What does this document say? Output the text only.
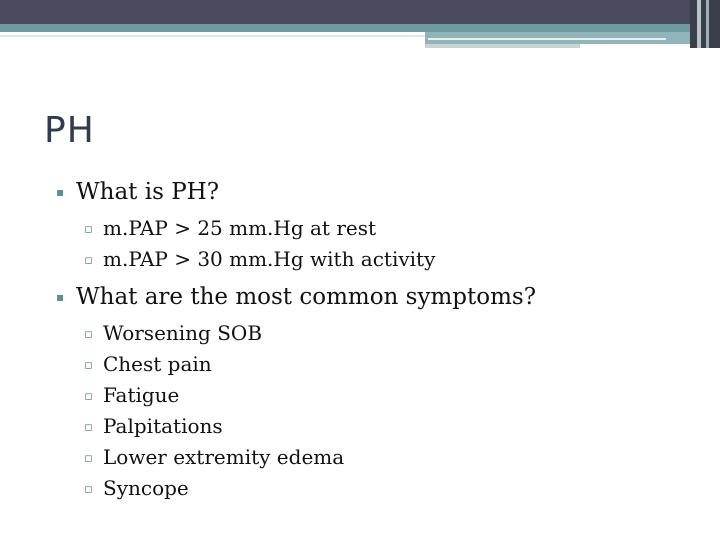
PH
▪ What is PH?
▫ m.PAP > 25 mm.Hg at rest
▫ m.PAP > 30 mm.Hg with activity
▪ What are the most common symptoms?
▫ Worsening SOB
▫ Chest pain
▫ Fatigue
▫ Palpitations
▫ Lower extremity edema
▫ Syncope
